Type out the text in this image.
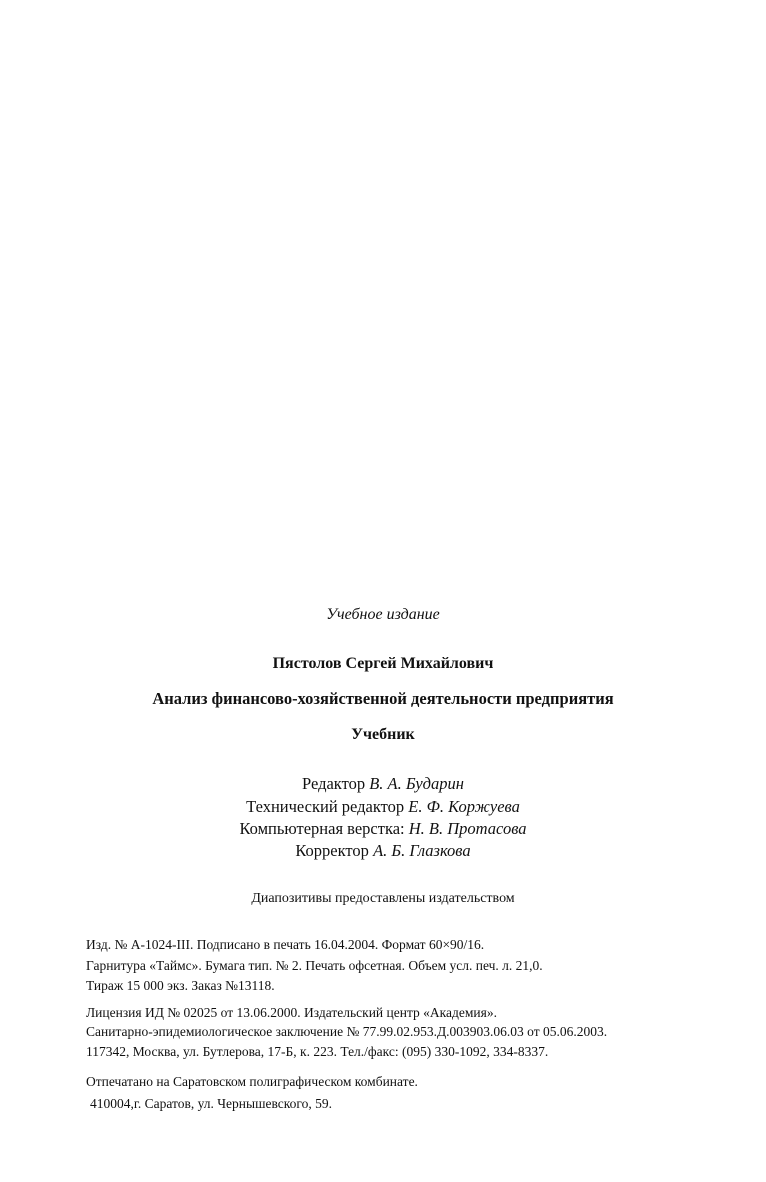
Учебное издание
Пястолов Сергей Михайлович
Анализ финансово-хозяйственной деятельности предприятия
Учебник
Редактор В. А. Бударин
Технический редактор Е. Ф. Коржуева
Компьютерная верстка: Н. В. Протасова
Корректор А. Б. Глазкова
Диапозитивы предоставлены издательством
Изд. № А-1024-III. Подписано в печать 16.04.2004. Формат 60×90/16.
Гарнитура «Таймс». Бумага тип. № 2. Печать офсетная. Объем усл. печ. л. 21,0.
Тираж 15 000 экз. Заказ №13118.
Лицензия ИД № 02025 от 13.06.2000. Издательский центр «Академия».
Санитарно-эпидемиологическое заключение № 77.99.02.953.Д.003903.06.03 от 05.06.2003.
117342, Москва, ул. Бутлерова, 17-Б, к. 223. Тел./факс: (095) 330-1092, 334-8337.
Отпечатано на Саратовском полиграфическом комбинате.
410004,г. Саратов, ул. Чернышевского, 59.
